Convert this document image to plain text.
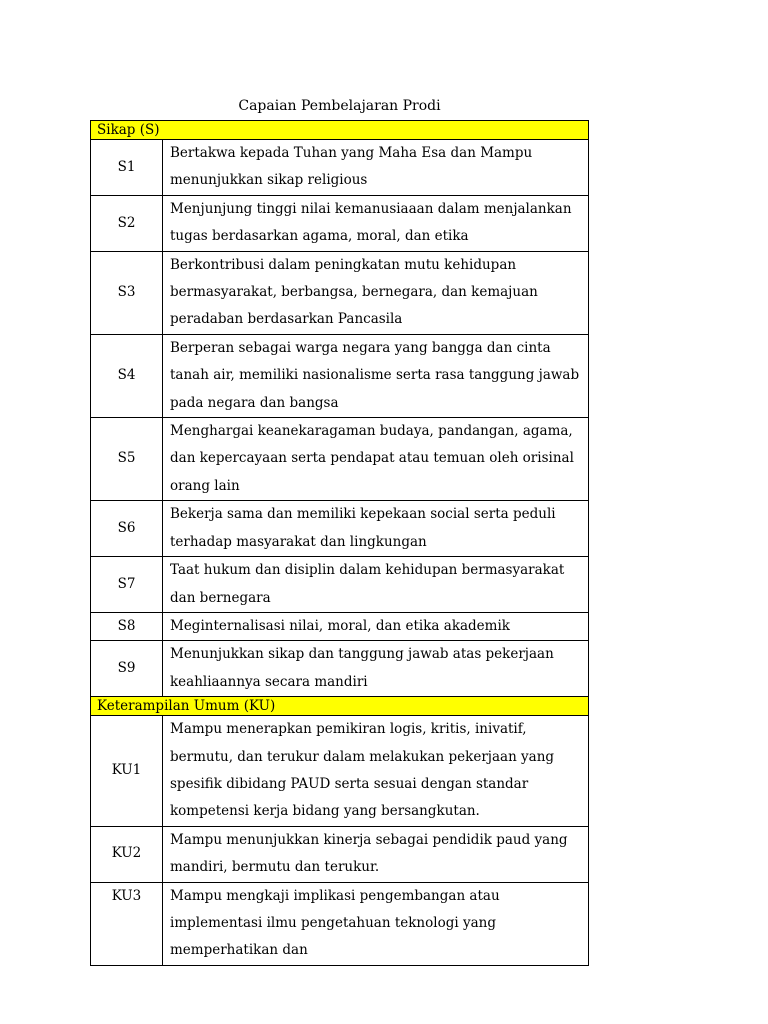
Capaian Pembelajaran Prodi
Sikap (S)	
S1	Bertakwa kepada Tuhan yang Maha Esa dan Mampu menunjukkan sikap religious
S2	Menjunjung tinggi nilai kemanusiaaan dalam menjalankan tugas berdasarkan agama, moral, dan etika
S3	Berkontribusi dalam peningkatan mutu kehidupan bermasyarakat, berbangsa, bernegara, dan kemajuan peradaban berdasarkan Pancasila
S4	Berperan sebagai warga negara yang bangga dan cinta tanah air, memiliki nasionalisme serta rasa tanggung jawab pada negara dan bangsa
S5	Menghargai keanekaragaman budaya, pandangan, agama, dan kepercayaan serta pendapat atau temuan oleh orisinal orang lain
S6	Bekerja sama dan memiliki kepekaan social serta peduli terhadap masyarakat dan lingkungan
S7	Taat hukum dan disiplin dalam kehidupan bermasyarakat dan bernegara
S8	Meginternalisasi nilai, moral, dan etika akademik
S9	Menunjukkan sikap dan tanggung jawab atas pekerjaan keahliaannya secara mandiri
Keterampilan Umum (KU)	
KU1	Mampu menerapkan pemikiran logis, kritis, inivatif, bermutu, dan terukur dalam melakukan pekerjaan yang spesifik dibidang PAUD serta sesuai dengan standar kompetensi kerja bidang yang bersangkutan.
KU2	Mampu menunjukkan kinerja sebagai pendidik paud yang mandiri, bermutu dan terukur.
KU3	Mampu mengkaji implikasi pengembangan atau implementasi ilmu pengetahuan teknologi yang memperhatikan dan
